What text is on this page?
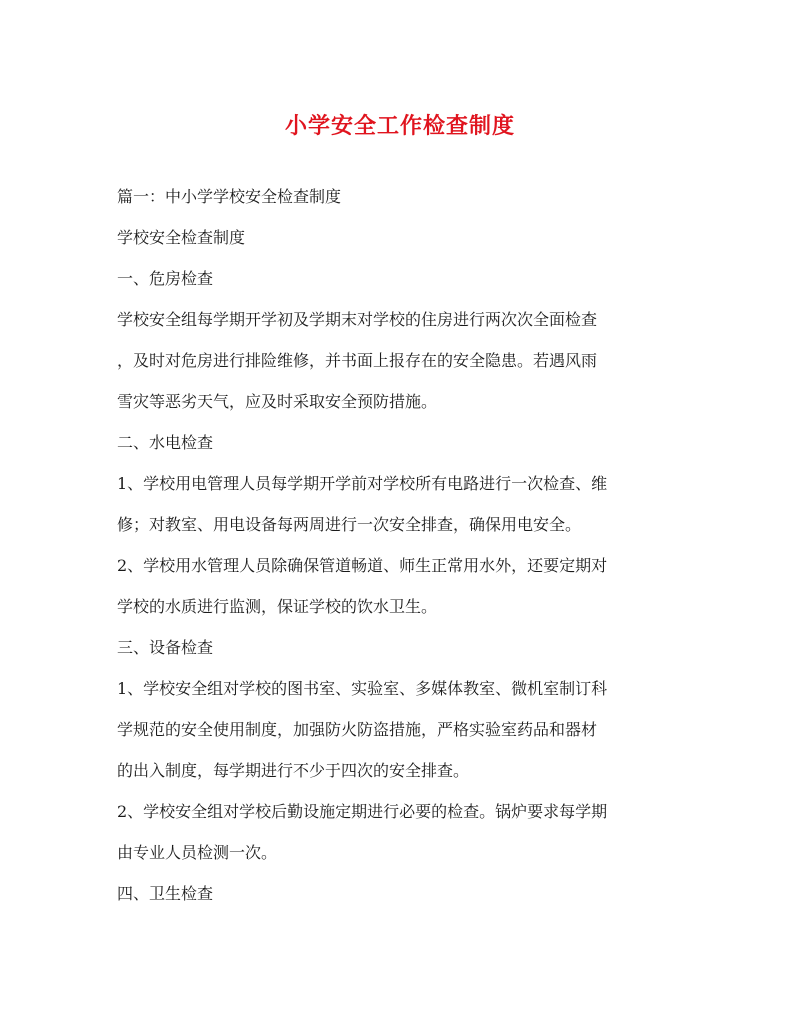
小学安全工作检查制度
篇一：中小学学校安全检查制度
学校安全检查制度
一、危房检查
学校安全组每学期开学初及学期末对学校的住房进行两次次全面检查
，及时对危房进行排险维修，并书面上报存在的安全隐患。若遇风雨
雪灾等恶劣天气，应及时采取安全预防措施。
二、水电检查
1、学校用电管理人员每学期开学前对学校所有电路进行一次检查、维
修；对教室、用电设备每两周进行一次安全排查，确保用电安全。
2、学校用水管理人员除确保管道畅道、师生正常用水外，还要定期对
学校的水质进行监测，保证学校的饮水卫生。
三、设备检查
1、学校安全组对学校的图书室、实验室、多媒体教室、微机室制订科
学规范的安全使用制度，加强防火防盗措施，严格实验室药品和器材
的出入制度，每学期进行不少于四次的安全排查。
2、学校安全组对学校后勤设施定期进行必要的检查。锅炉要求每学期
由专业人员检测一次。
四、卫生检查
